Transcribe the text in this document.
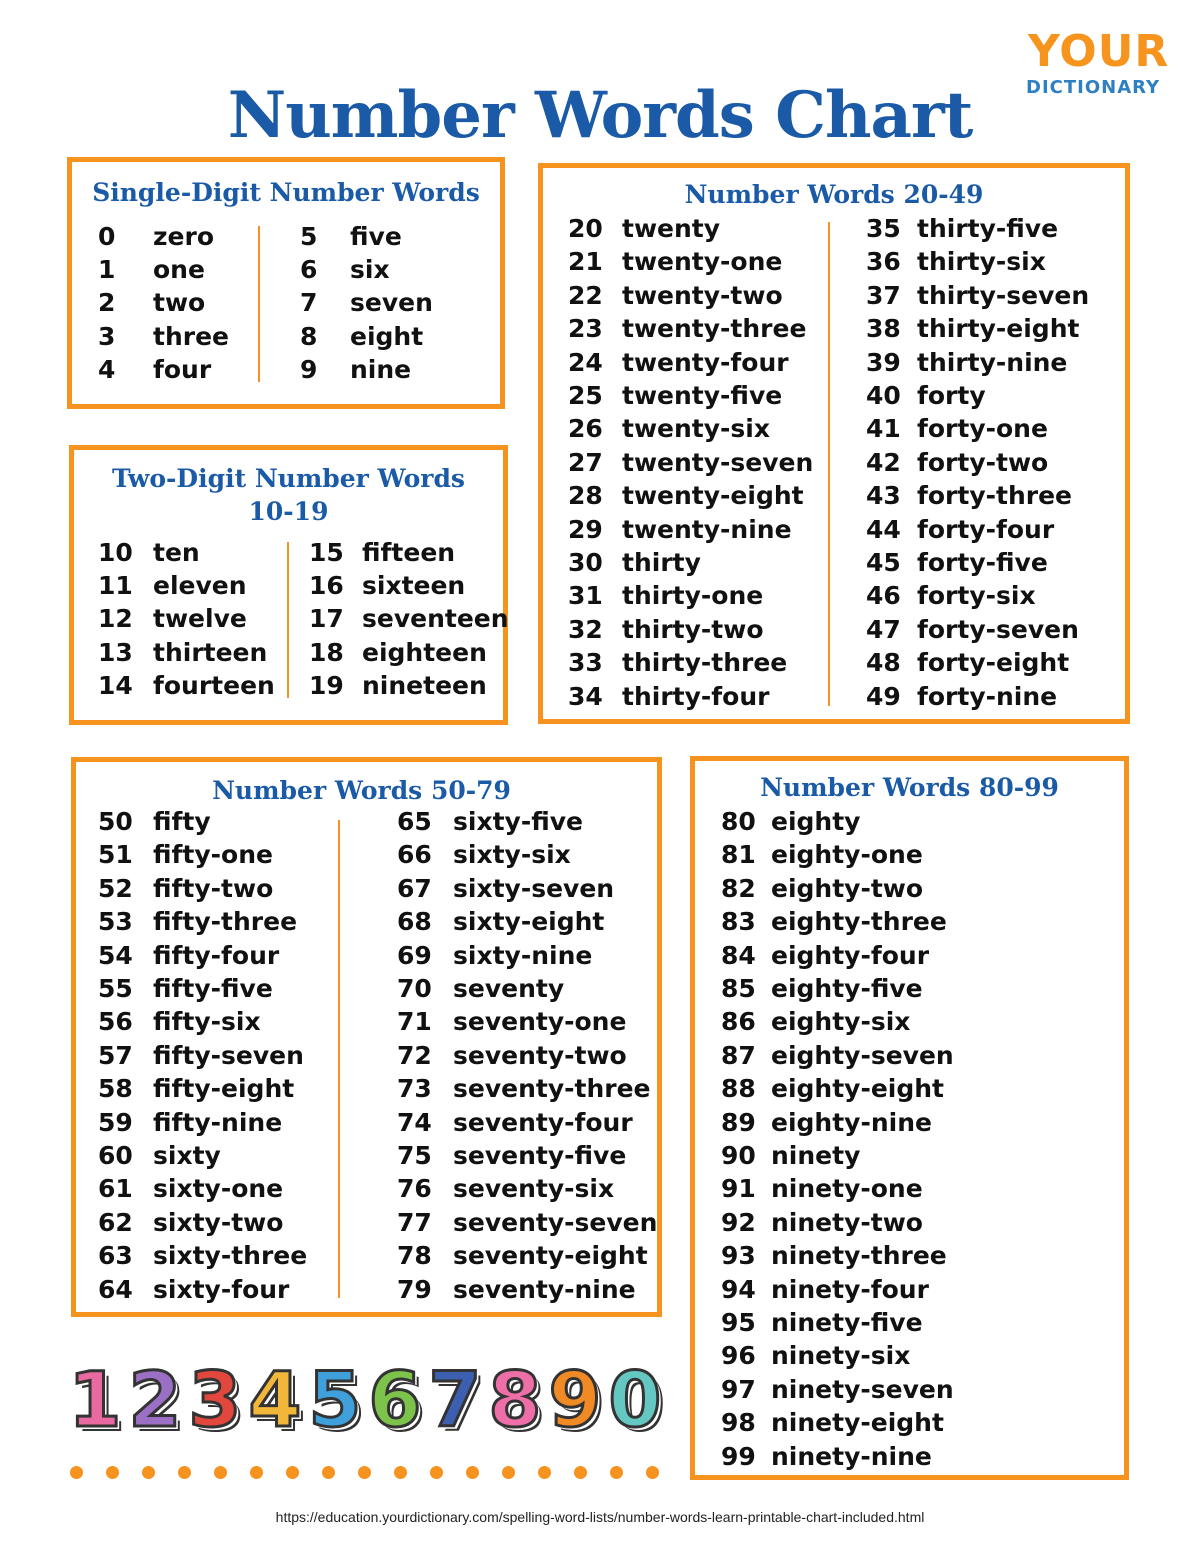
YOUR
DICTIONARY
Number Words Chart
Single-Digit Number Words
0 zero
1 one
2 two
3 three
4 four
5 five
6 six
7 seven
8 eight
9 nine
Two-Digit Number Words
10-19
10 ten
11 eleven
12 twelve
13 thirteen
14 fourteen
15 fifteen
16 sixteen
17 seventeen
18 eighteen
19 nineteen
Number Words 20-49
20 twenty
21 twenty-one
22 twenty-two
23 twenty-three
24 twenty-four
25 twenty-five
26 twenty-six
27 twenty-seven
28 twenty-eight
29 twenty-nine
30 thirty
31 thirty-one
32 thirty-two
33 thirty-three
34 thirty-four
35 thirty-five
36 thirty-six
37 thirty-seven
38 thirty-eight
39 thirty-nine
40 forty
41 forty-one
42 forty-two
43 forty-three
44 forty-four
45 forty-five
46 forty-six
47 forty-seven
48 forty-eight
49 forty-nine
Number Words 50-79
50 fifty
51 fifty-one
52 fifty-two
53 fifty-three
54 fifty-four
55 fifty-five
56 fifty-six
57 fifty-seven
58 fifty-eight
59 fifty-nine
60 sixty
61 sixty-one
62 sixty-two
63 sixty-three
64 sixty-four
65 sixty-five
66 sixty-six
67 sixty-seven
68 sixty-eight
69 sixty-nine
70 seventy
71 seventy-one
72 seventy-two
73 seventy-three
74 seventy-four
75 seventy-five
76 seventy-six
77 seventy-seven
78 seventy-eight
79 seventy-nine
Number Words 80-99
80 eighty
81 eighty-one
82 eighty-two
83 eighty-three
84 eighty-four
85 eighty-five
86 eighty-six
87 eighty-seven
88 eighty-eight
89 eighty-nine
90 ninety
91 ninety-one
92 ninety-two
93 ninety-three
94 ninety-four
95 ninety-five
96 ninety-six
97 ninety-seven
98 ninety-eight
99 ninety-nine
1 2 3 4 5 6 7 8 9 0
https://education.yourdictionary.com/spelling-word-lists/number-words-learn-printable-chart-included.html
